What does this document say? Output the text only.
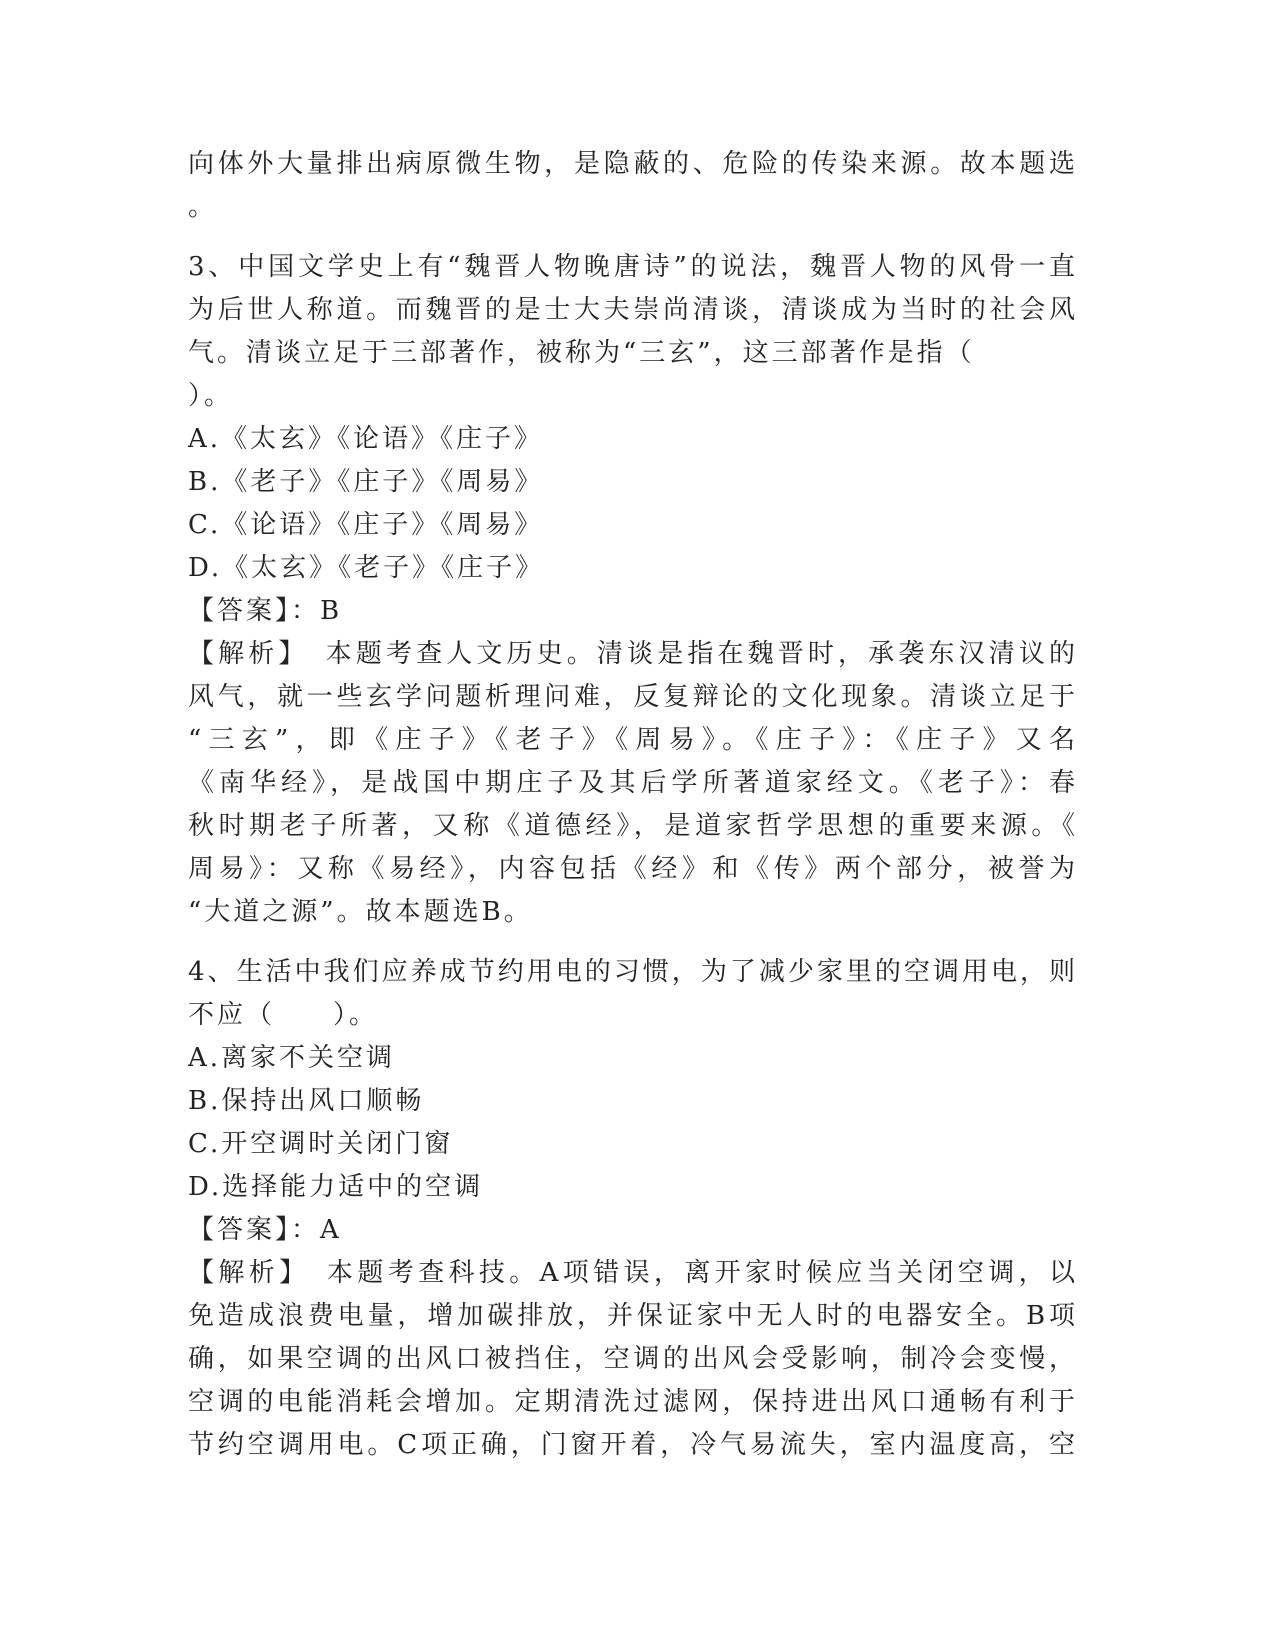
向体外大量排出病原微生物，是隐蔽的、危险的传染来源。故本题选
。
3、中国文学史上有“魏晋人物晚唐诗”的说法，魏晋人物的风骨一直
为后世人称道。而魏晋的是士大夫崇尚清谈，清谈成为当时的社会风
气。清谈立足于三部著作，被称为“三玄”，这三部著作是指（
）。
A.《太玄》《论语》《庄子》
B.《老子》《庄子》《周易》
C.《论语》《庄子》《周易》
D.《太玄》《老子》《庄子》
【答案】：B
【解析】　本题考查人文历史。清谈是指在魏晋时，承袭东汉清议的
风气，就一些玄学问题析理问难，反复辩论的文化现象。清谈立足于
“三玄”，即《庄子》《老子》《周易》。《庄子》：《庄子》又名
《南华经》，是战国中期庄子及其后学所著道家经文。《老子》：春
秋时期老子所著，又称《道德经》，是道家哲学思想的重要来源。《
周易》：又称《易经》，内容包括《经》和《传》两个部分，被誉为
“大道之源”。故本题选B。
4、生活中我们应养成节约用电的习惯，为了减少家里的空调用电，则
不应（　　）。
A.离家不关空调
B.保持出风口顺畅
C.开空调时关闭门窗
D.选择能力适中的空调
【答案】：A
【解析】　本题考查科技。A项错误，离开家时候应当关闭空调，以
免造成浪费电量，增加碳排放，并保证家中无人时的电器安全。B项
确，如果空调的出风口被挡住，空调的出风会受影响，制冷会变慢，
空调的电能消耗会增加。定期清洗过滤网，保持进出风口通畅有利于
节约空调用电。C项正确，门窗开着，冷气易流失，室内温度高，空
